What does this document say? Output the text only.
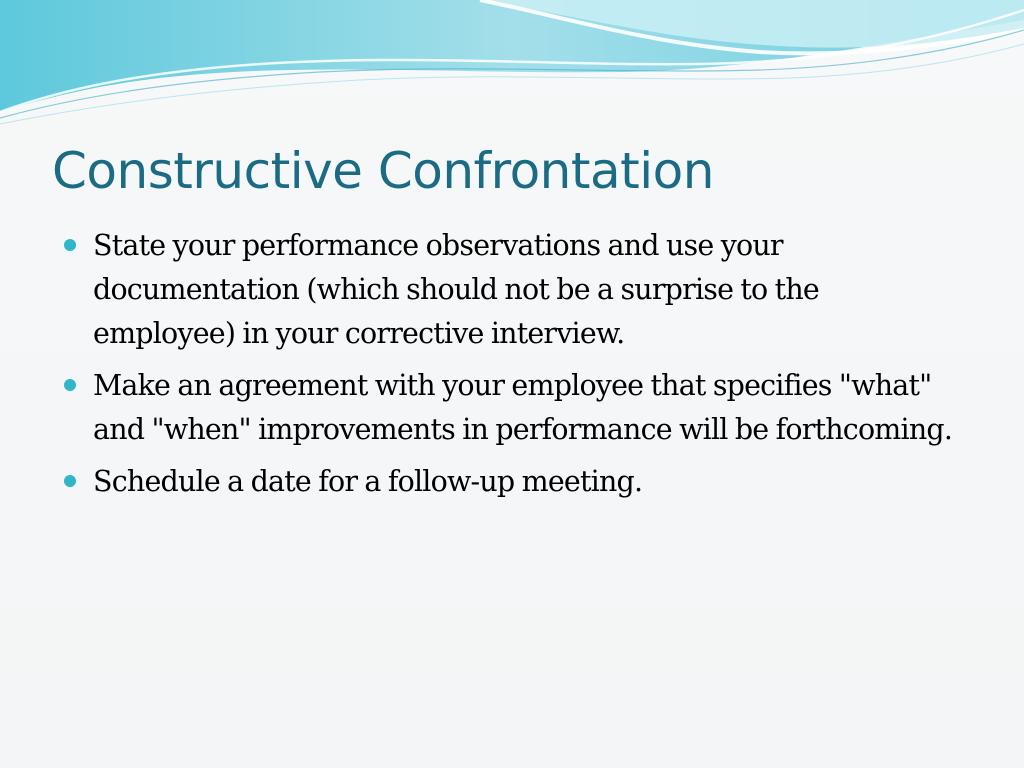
Constructive Confrontation
State your performance observations and use your documentation (which should not be a surprise to the employee) in your corrective interview.
Make an agreement with your employee that specifies "what" and "when" improvements in performance will be forthcoming.
Schedule a date for a follow-up meeting.
